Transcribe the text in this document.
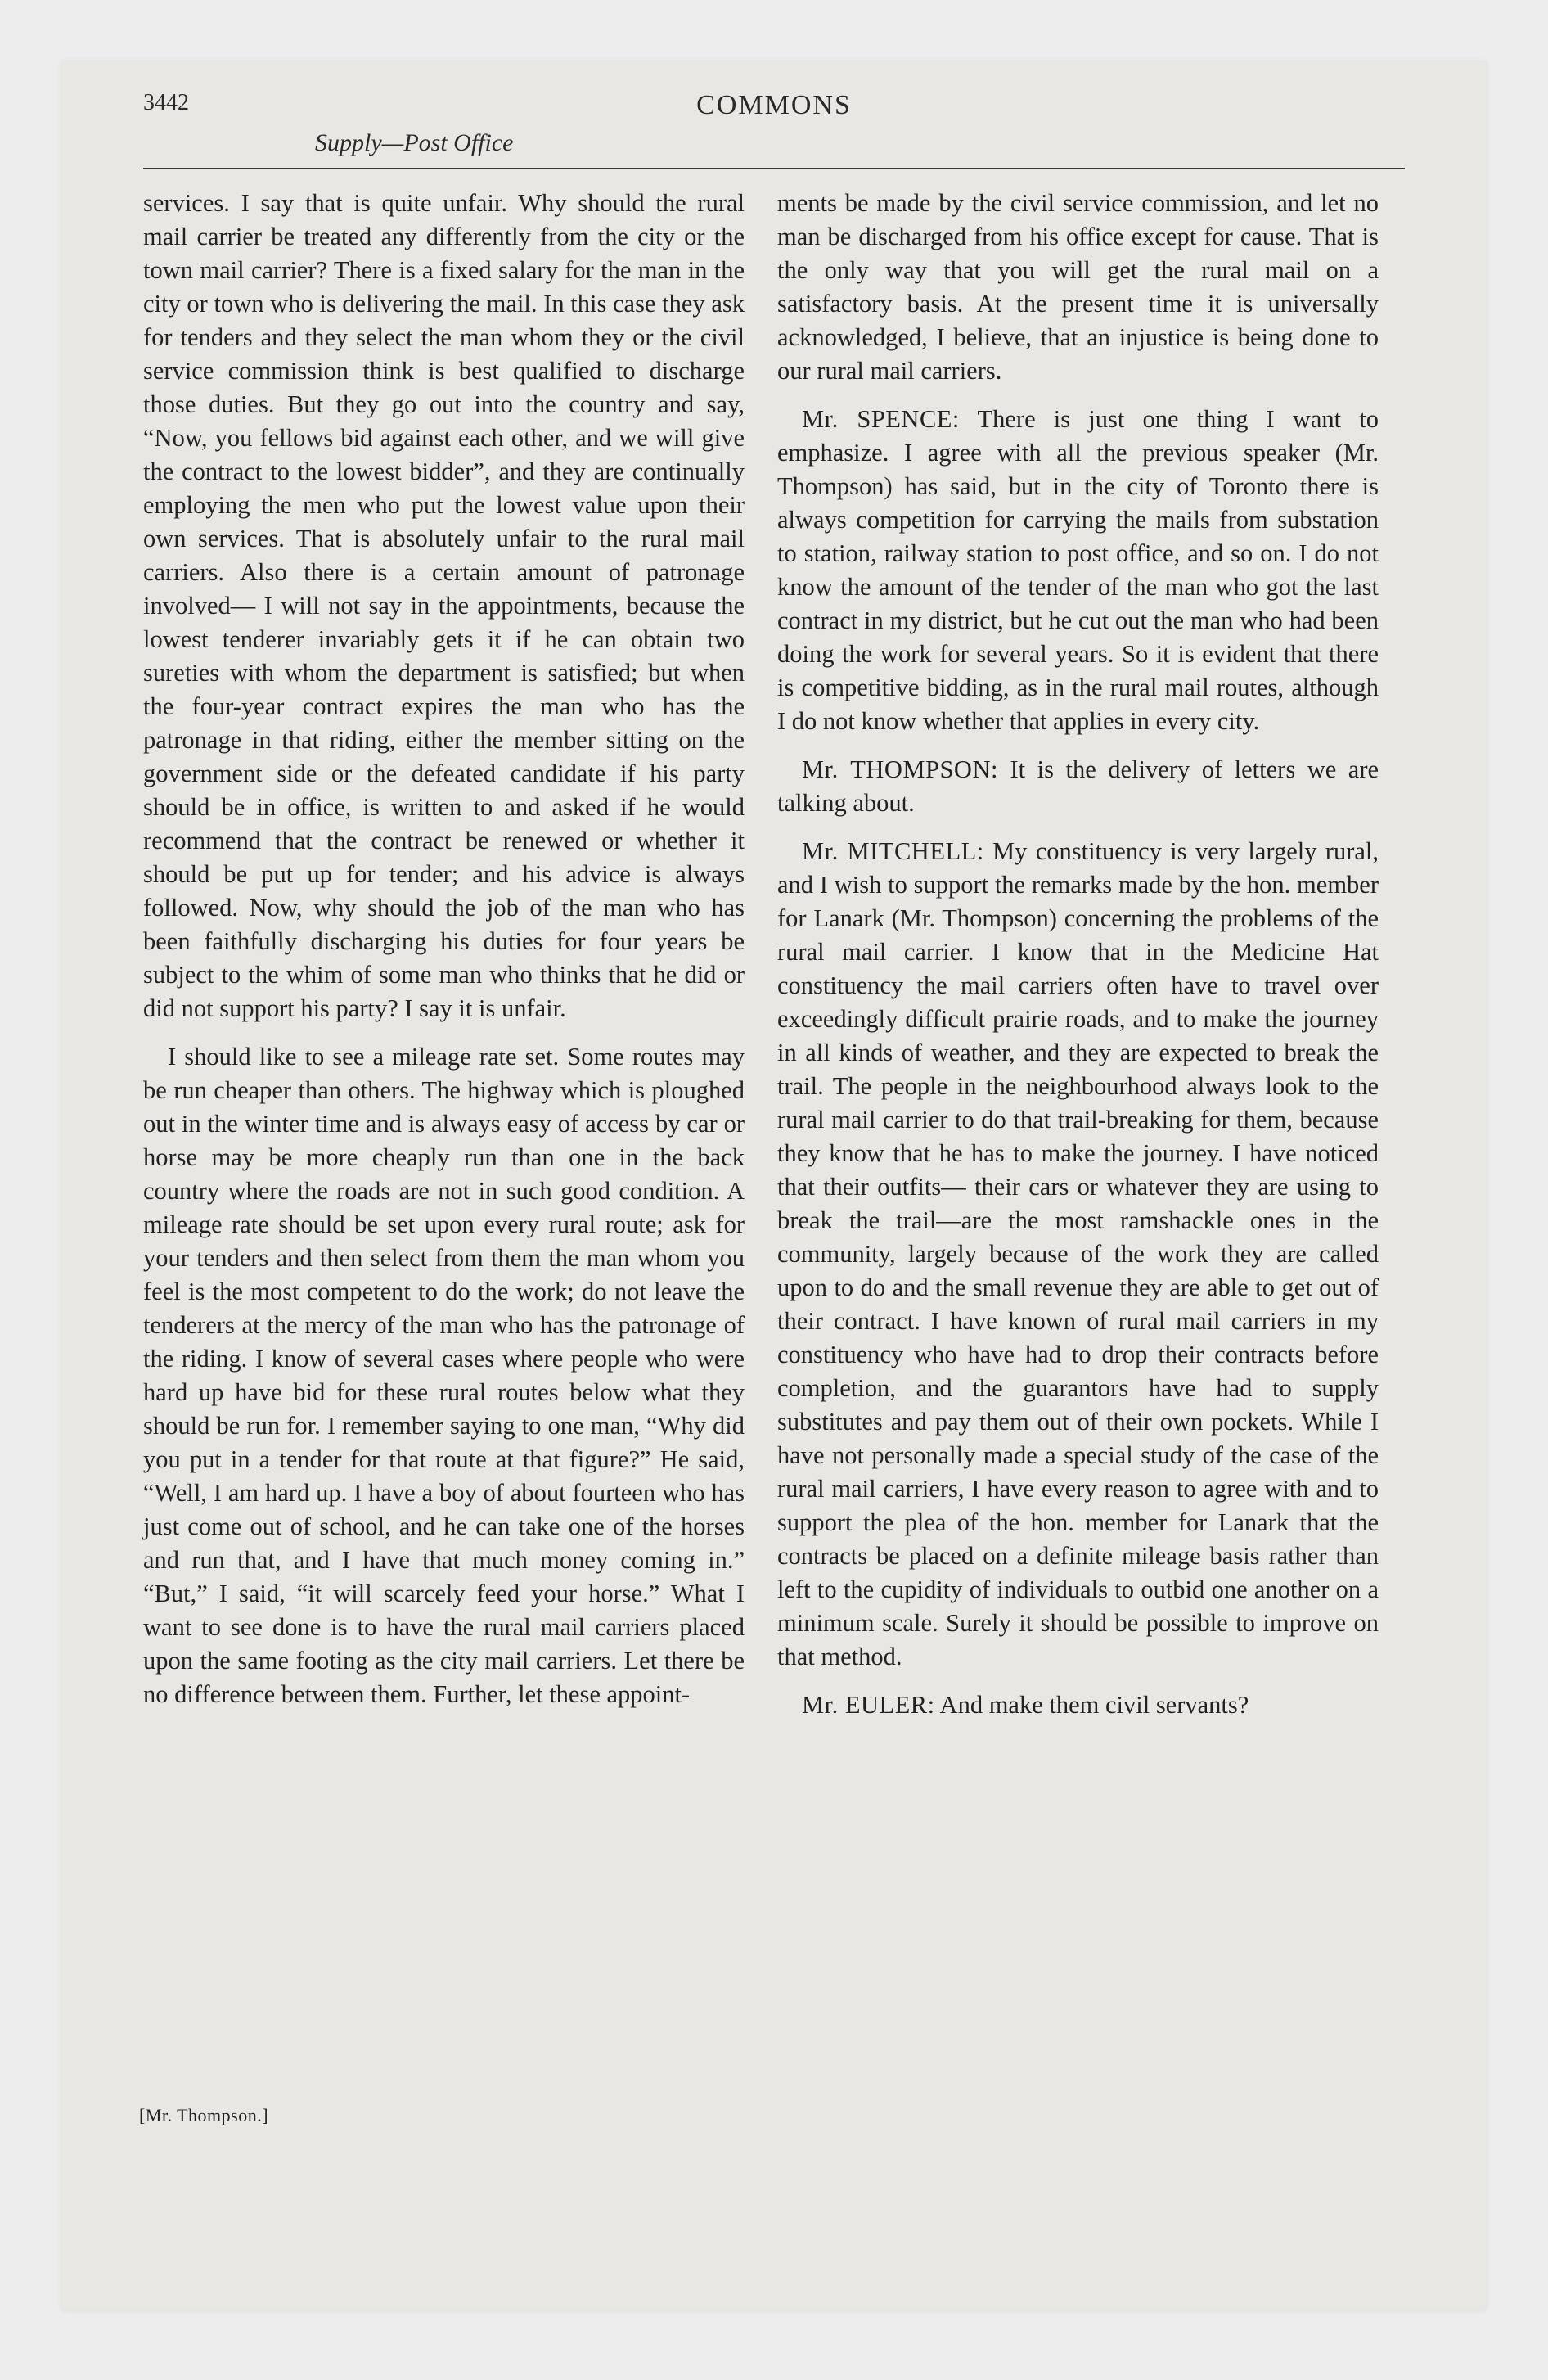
3442	COMMONS
Supply—Post Office

services. I say that is quite unfair. Why should the rural mail carrier be treated any differently from the city or the town mail carrier? There is a fixed salary for the man in the city or town who is delivering the mail. In this case they ask for tenders and they select the man whom they or the civil service commission think is best qualified to discharge those duties. But they go out into the country and say, “Now, you fellows bid against each other, and we will give the contract to the lowest bidder”, and they are continually employing the men who put the lowest value upon their own services. That is absolutely unfair to the rural mail carriers. Also there is a certain amount of patronage involved— I will not say in the appointments, because the lowest tenderer invariably gets it if he can obtain two sureties with whom the department is satisfied; but when the four-year contract expires the man who has the patronage in that riding, either the member sitting on the government side or the defeated candidate if his party should be in office, is written to and asked if he would recommend that the contract be renewed or whether it should be put up for tender; and his advice is always followed. Now, why should the job of the man who has been faithfully discharging his duties for four years be subject to the whim of some man who thinks that he did or did not support his party? I say it is unfair.

I should like to see a mileage rate set. Some routes may be run cheaper than others. The highway which is ploughed out in the winter time and is always easy of access by car or horse may be more cheaply run than one in the back country where the roads are not in such good condition. A mileage rate should be set upon every rural route; ask for your tenders and then select from them the man whom you feel is the most competent to do the work; do not leave the tenderers at the mercy of the man who has the patronage of the riding. I know of several cases where people who were hard up have bid for these rural routes below what they should be run for. I remember saying to one man, “Why did you put in a tender for that route at that figure?” He said, “Well, I am hard up. I have a boy of about fourteen who has just come out of school, and he can take one of the horses and run that, and I have that much money coming in.” “But,” I said, “it will scarcely feed your horse.” What I want to see done is to have the rural mail carriers placed upon the same footing as the city mail carriers. Let there be no difference between them. Further, let these appoint-

ments be made by the civil service commission, and let no man be discharged from his office except for cause. That is the only way that you will get the rural mail on a satisfactory basis. At the present time it is universally acknowledged, I believe, that an injustice is being done to our rural mail carriers.

Mr. SPENCE: There is just one thing I want to emphasize. I agree with all the previous speaker (Mr. Thompson) has said, but in the city of Toronto there is always competition for carrying the mails from substation to station, railway station to post office, and so on. I do not know the amount of the tender of the man who got the last contract in my district, but he cut out the man who had been doing the work for several years. So it is evident that there is competitive bidding, as in the rural mail routes, although I do not know whether that applies in every city.

Mr. THOMPSON: It is the delivery of letters we are talking about.

Mr. MITCHELL: My constituency is very largely rural, and I wish to support the remarks made by the hon. member for Lanark (Mr. Thompson) concerning the problems of the rural mail carrier. I know that in the Medicine Hat constituency the mail carriers often have to travel over exceedingly difficult prairie roads, and to make the journey in all kinds of weather, and they are expected to break the trail. The people in the neighbourhood always look to the rural mail carrier to do that trail-breaking for them, because they know that he has to make the journey. I have noticed that their outfits— their cars or whatever they are using to break the trail—are the most ramshackle ones in the community, largely because of the work they are called upon to do and the small revenue they are able to get out of their contract. I have known of rural mail carriers in my constituency who have had to drop their contracts before completion, and the guarantors have had to supply substitutes and pay them out of their own pockets. While I have not personally made a special study of the case of the rural mail carriers, I have every reason to agree with and to support the plea of the hon. member for Lanark that the contracts be placed on a definite mileage basis rather than left to the cupidity of individuals to outbid one another on a minimum scale. Surely it should be possible to improve on that method.

Mr. EULER: And make them civil servants?

[Mr. Thompson.]
